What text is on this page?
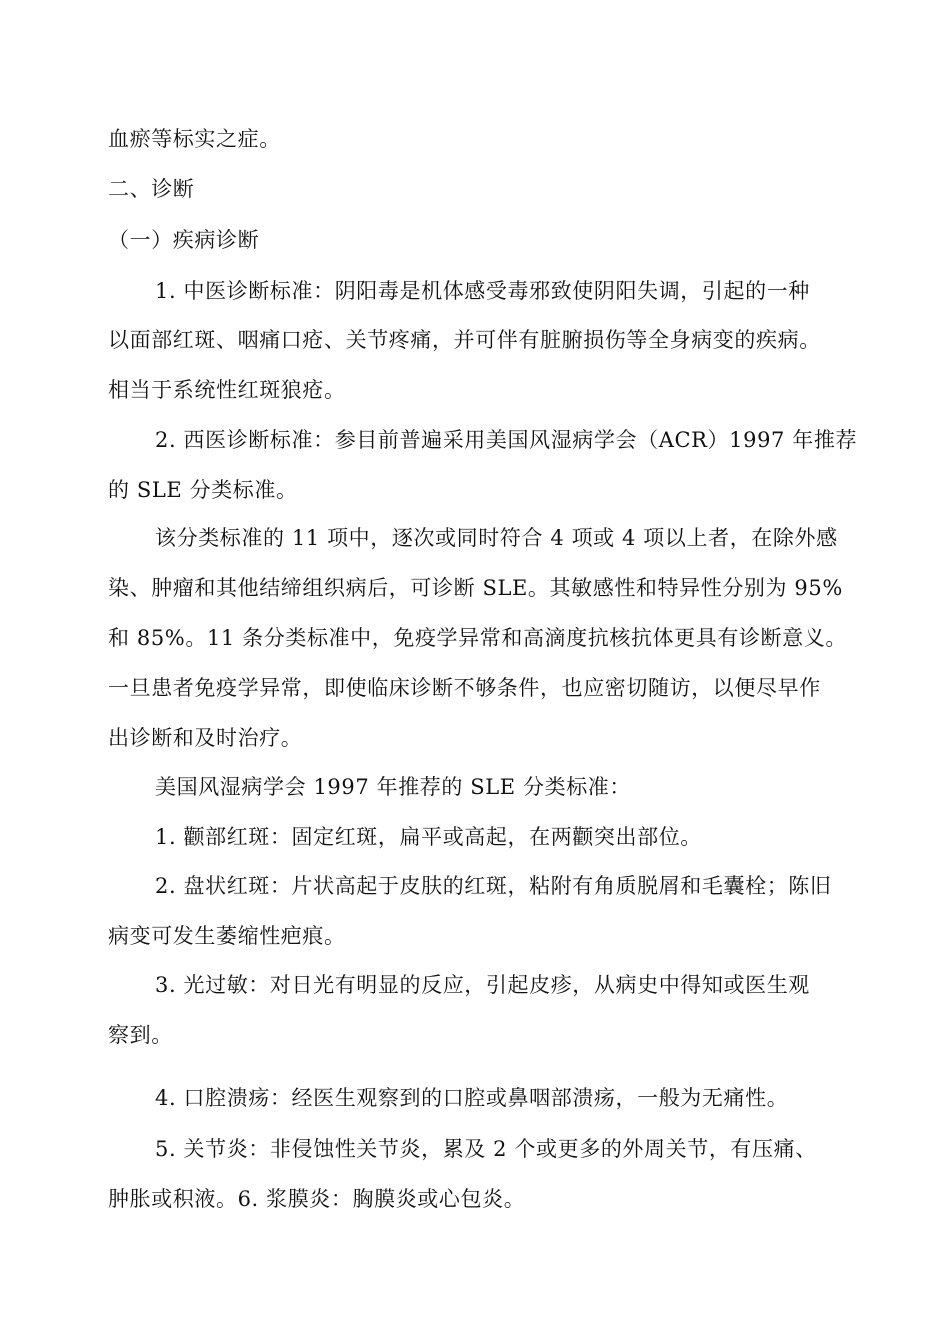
血瘀等标实之症。
二、诊断
（一）疾病诊断
1. 中医诊断标准：阴阳毒是机体感受毒邪致使阴阳失调，引起的一种
以面部红斑、咽痛口疮、关节疼痛，并可伴有脏腑损伤等全身病变的疾病。
相当于系统性红斑狼疮。
2. 西医诊断标准：参目前普遍采用美国风湿病学会（ACR）1997 年推荐
的 SLE 分类标准。
该分类标准的 11 项中，逐次或同时符合 4 项或 4 项以上者，在除外感
染、肿瘤和其他结缔组织病后，可诊断 SLE。其敏感性和特异性分别为 95%
和 85%。11 条分类标准中，免疫学异常和高滴度抗核抗体更具有诊断意义。
一旦患者免疫学异常，即使临床诊断不够条件，也应密切随访，以便尽早作
出诊断和及时治疗。
美国风湿病学会 1997 年推荐的 SLE 分类标准：
1. 颧部红斑：固定红斑，扁平或高起，在两颧突出部位。
2. 盘状红斑：片状高起于皮肤的红斑，粘附有角质脱屑和毛囊栓；陈旧
病变可发生萎缩性疤痕。
3. 光过敏：对日光有明显的反应，引起皮疹，从病史中得知或医生观
察到。
4. 口腔溃疡：经医生观察到的口腔或鼻咽部溃疡，一般为无痛性。
5. 关节炎：非侵蚀性关节炎，累及 2 个或更多的外周关节，有压痛、
肿胀或积液。6. 浆膜炎：胸膜炎或心包炎。
